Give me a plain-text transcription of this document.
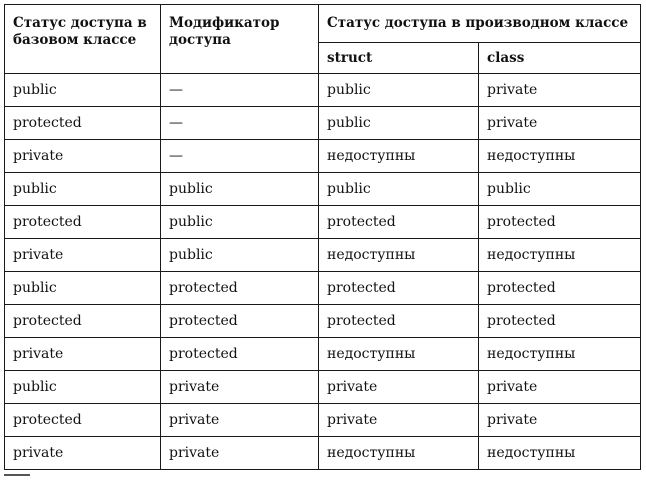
Статус доступа в базовом классе	Модификатор доступа	Статус доступа в производном классе	
		struct	class
public	—	public	private
protected	—	public	private
private	—	недоступны	недоступны
public	public	public	public
protected	public	protected	protected
private	public	недоступны	недоступны
public	protected	protected	protected
protected	protected	protected	protected
private	protected	недоступны	недоступны
public	private	private	private
protected	private	private	private
private	private	недоступны	недоступны
